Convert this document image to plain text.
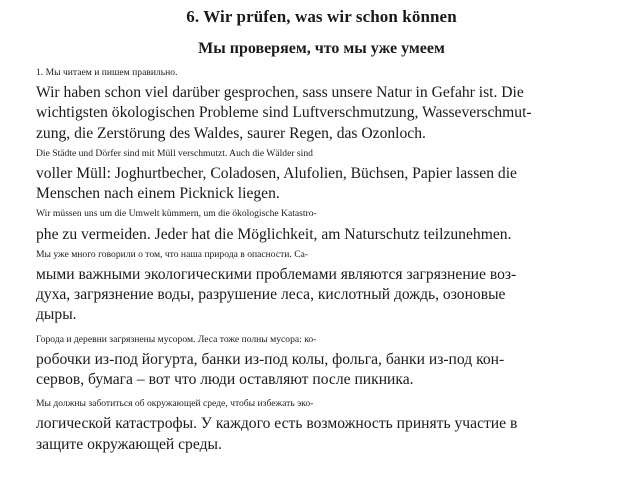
6. Wir prüfen, was wir schon können
Мы проверяем, что мы уже умеем

1. Мы читаем и пишем правильно.
Wir haben schon viel darüber gesprochen, sass unsere Natur in Gefahr ist. Die
wichtigsten ökologischen Probleme sind Luftverschmutzung, Wasseverschmut-
zung, die Zerstörung des Waldes, saurer Regen, das Ozonloch.

Die Städte und Dörfer sind mit Müll verschmutzt. Auch die Wälder sind
voller Müll: Joghurtbecher, Coladosen, Alufolien, Büchsen, Papier lassen die
Menschen nach einem Picknick liegen.

Wir müssen uns um die Umwelt kümmern, um die ökologische Katastro-
phe zu vermeiden. Jeder hat die Möglichkeit, am Naturschutz teilzunehmen.

Мы уже много говорили о том, что наша природа в опасности. Са-
мыми важными экологическими проблемами являются загрязнение воз-
духа, загрязнение воды, разрушение леса, кислотный дождь, озоновые
дыры.

Города и деревни загрязнены мусором. Леса тоже полны мусора: ко-
робочки из-под йогурта, банки из-под колы, фольга, банки из-под кон-
сервов, бумага – вот что люди оставляют после пикника.

Мы должны заботиться об окружающей среде, чтобы избежать эко-
логической катастрофы. У каждого есть возможность принять участие в
защите окружающей среды.
